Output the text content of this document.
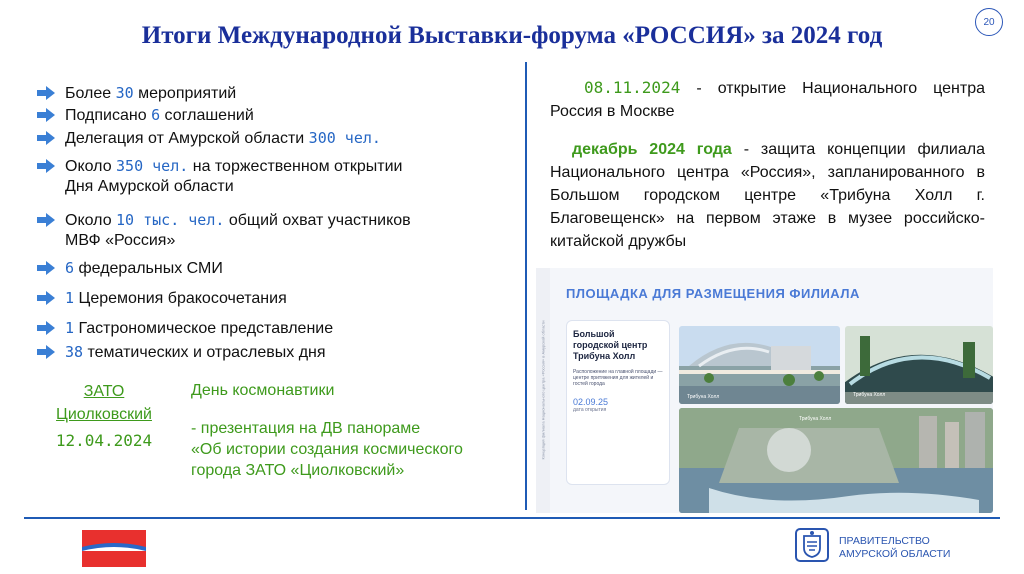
Итоги Международной Выставки-форума «РОССИЯ» за 2024 год	20
Более 30 мероприятий
Подписано 6 соглашений
Делегация от Амурской области 300 чел.
Около 350 чел. на торжественном открытии
Дня Амурской области
Около 10 тыс. чел. общий охват участников
МВФ «Россия»
6 федеральных СМИ
1 Церемония бракосочетания
1 Гастрономическое представление
38 тематических и отраслевых дня
ЗАТО
Циолковский
12.04.2024
День космонавтики
- презентация на ДВ панораме
«Об истории создания космического
города ЗАТО «Циолковский»
08.11.2024 - открытие Национального центра Россия в Москве
декабрь 2024 года - защита концепции филиала Национального центра «Россия», запланированного в Большом городском центре «Трибуна Холл г. Благовещенск» на первом этаже в музее российско-китайской дружбы
Концепция филиала Национального центра «Россия» в Амурской области
ПЛОЩАДКА ДЛЯ РАЗМЕЩЕНИЯ ФИЛИАЛА
Большой городской центр Трибуна Холл
Расположение на главной площади — центре притяжения для жителей и гостей города
02.09.25
дата открытия
Трибуна Холл	Трибуна Холл
Трибуна Холл
ПРАВИТЕЛЬСТВО
АМУРСКОЙ ОБЛАСТИ
